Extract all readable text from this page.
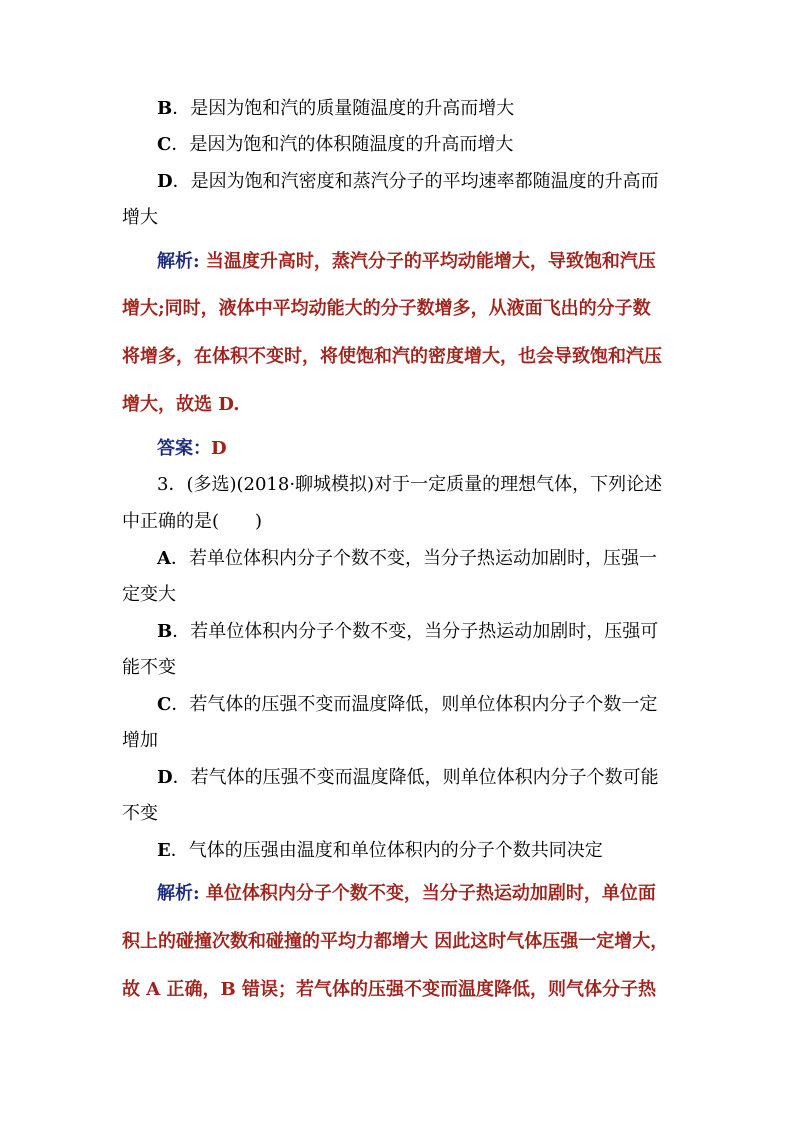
B．是因为饱和汽的质量随温度的升高而增大
C．是因为饱和汽的体积随温度的升高而增大
D．是因为饱和汽密度和蒸汽分子的平均速率都随温度的升高而
增大
解析: 当温度升高时，蒸汽分子的平均动能增大，导致饱和汽压
增大;同时，液体中平均动能大的分子数增多，从液面飞出的分子数
将增多，在体积不变时，将使饱和汽的密度增大，也会导致饱和汽压
增大，故选 D.
答案：D
3．(多选)(2018·聊城模拟)对于一定质量的理想气体，下列论述
中正确的是(　　)
A．若单位体积内分子个数不变，当分子热运动加剧时，压强一
定变大
B．若单位体积内分子个数不变，当分子热运动加剧时，压强可
能不变
C．若气体的压强不变而温度降低，则单位体积内分子个数一定
增加
D．若气体的压强不变而温度降低，则单位体积内分子个数可能
不变
E．气体的压强由温度和单位体积内的分子个数共同决定
解析: 单位体积内分子个数不变，当分子热运动加剧时，单位面
积上的碰撞次数和碰撞的平均力都增大 因此这时气体压强一定增大，
故 A 正确，B 错误；若气体的压强不变而温度降低，则气体分子热
